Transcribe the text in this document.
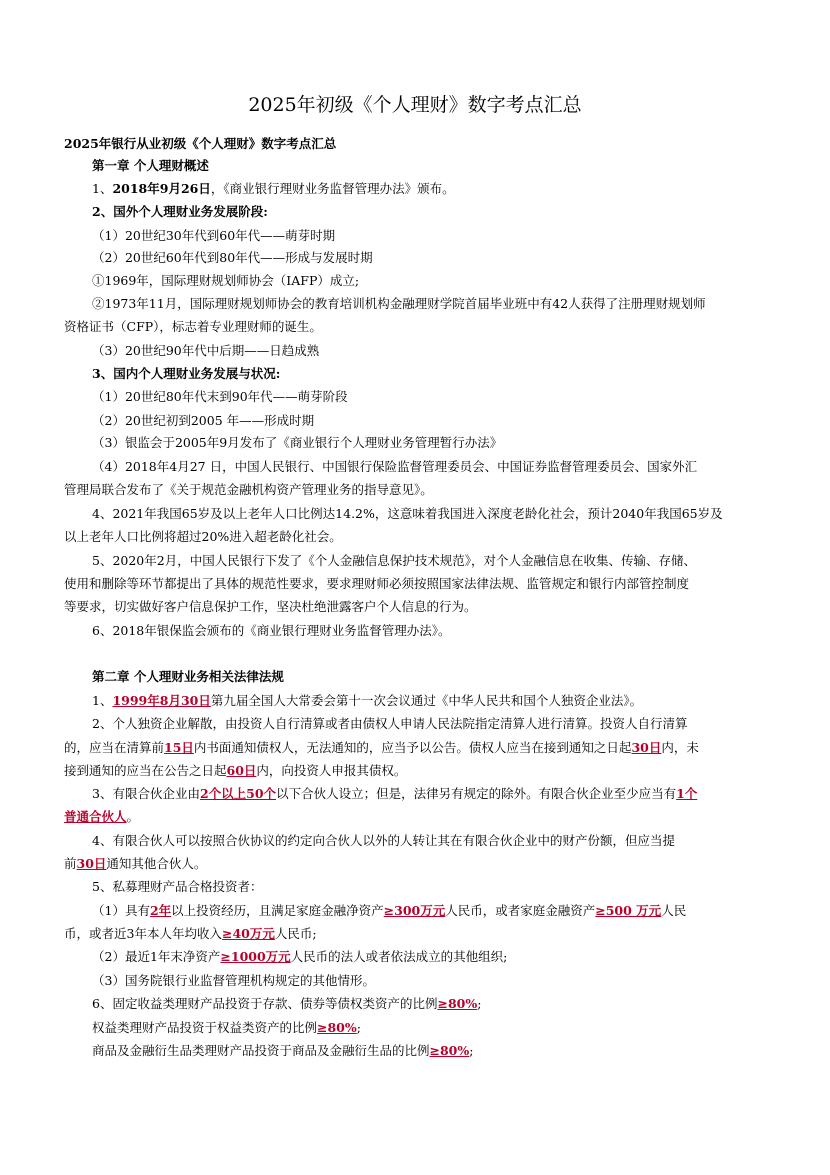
2025年初级《个人理财》数字考点汇总
2025年银行从业初级《个人理财》数字考点汇总
第一章 个人理财概述
1、2018年9月26日，《商业银行理财业务监督管理办法》颁布。
2、国外个人理财业务发展阶段:
（1）20世纪30年代到60年代——萌芽时期
（2）20世纪60年代到80年代——形成与发展时期
①1969年，国际理财规划师协会（IAFP）成立;
②1973年11月，国际理财规划师协会的教育培训机构金融理财学院首届毕业班中有42人获得了注册理财规划师
资格证书（CFP），标志着专业理财师的诞生。
（3）20世纪90年代中后期——日趋成熟
3、国内个人理财业务发展与状况:
（1）20世纪80年代末到90年代——萌芽阶段
（2）20世纪初到2005 年——形成时期
（3）银监会于2005年9月发布了《商业银行个人理财业务管理暂行办法》
（4）2018年4月27 日，中国人民银行、中国银行保险监督管理委员会、中国证券监督管理委员会、国家外汇
管理局联合发布了《关于规范金融机构资产管理业务的指导意见》。
4、2021年我国65岁及以上老年人口比例达14.2%，这意味着我国进入深度老龄化社会，预计2040年我国65岁及
以上老年人口比例将超过20%进入超老龄化社会。
5、2020年2月，中国人民银行下发了《个人金融信息保护技术规范》，对个人金融信息在收集、传输、存储、
使用和删除等环节都提出了具体的规范性要求，要求理财师必须按照国家法律法规、监管规定和银行内部管控制度
等要求，切实做好客户信息保护工作，坚决杜绝泄露客户个人信息的行为。
6、2018年银保监会颁布的《商业银行理财业务监督管理办法》。
第二章 个人理财业务相关法律法规
1、1999年8月30日第九届全国人大常委会第十一次会议通过《中华人民共和国个人独资企业法》。
2、个人独资企业解散，由投资人自行清算或者由债权人申请人民法院指定清算人进行清算。投资人自行清算
的，应当在清算前15日内书面通知债权人，无法通知的，应当予以公告。债权人应当在接到通知之日起30日内，未
接到通知的应当在公告之日起60日内，向投资人申报其债权。
3、有限合伙企业由2个以上50个以下合伙人设立；但是，法律另有规定的除外。有限合伙企业至少应当有1个
普通合伙人。
4、有限合伙人可以按照合伙协议的约定向合伙人以外的人转让其在有限合伙企业中的财产份额，但应当提
前30日通知其他合伙人。
5、私募理财产品合格投资者：
（1）具有2年以上投资经历，且满足家庭金融净资产≥300万元人民币，或者家庭金融资产≥500 万元人民
币，或者近3年本人年均收入≥40万元人民币;
（2）最近1年末净资产≥1000万元人民币的法人或者依法成立的其他组织;
（3）国务院银行业监督管理机构规定的其他情形。
6、固定收益类理财产品投资于存款、债券等债权类资产的比例≥80%;
权益类理财产品投资于权益类资产的比例≥80%;
商品及金融衍生品类理财产品投资于商品及金融衍生品的比例≥80%;
